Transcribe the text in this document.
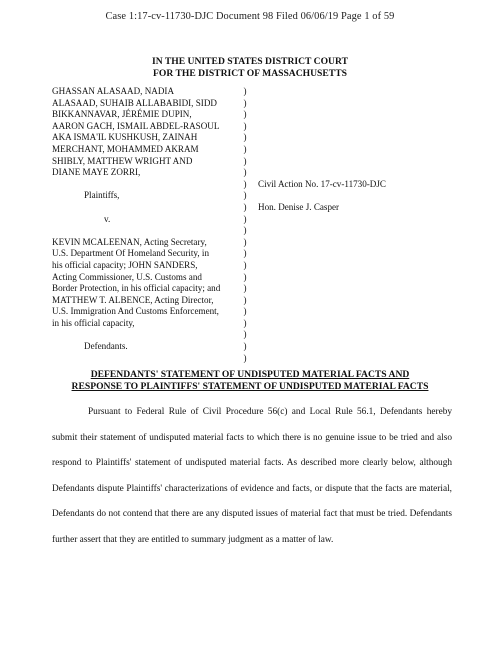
Case 1:17-cv-11730-DJC Document 98 Filed 06/06/19 Page 1 of 59
IN THE UNITED STATES DISTRICT COURT
FOR THE DISTRICT OF MASSACHUSETTS
GHASSAN ALASAAD, NADIA
ALASAAD, SUHAIB ALLABABIDI, SIDD
BIKKANNAVAR, JÉRÉMIE DUPIN,
AARON GACH, ISMAIL ABDEL-RASOUL
AKA ISMA'IL KUSHKUSH, ZAINAH
MERCHANT, MOHAMMED AKRAM
SHIBLY, MATTHEW WRIGHT AND
DIANE MAYE ZORRI,
Plaintiffs,
v.
KEVIN MCALEENAN, Acting Secretary,
U.S. Department Of Homeland Security, in
his official capacity; JOHN SANDERS,
Acting Commissioner, U.S. Customs and
Border Protection, in his official capacity; and
MATTHEW T. ALBENCE, Acting Director,
U.S. Immigration And Customs Enforcement,
in his official capacity,
Defendants.
)
)
)
)
)
)
)
)
)
)
)
)
)
)
)
)
)
)
)
)
)
)
)
)
Civil Action No. 17-cv-11730-DJC
Hon. Denise J. Casper
DEFENDANTS' STATEMENT OF UNDISPUTED MATERIAL FACTS AND
RESPONSE TO PLAINTIFFS' STATEMENT OF UNDISPUTED MATERIAL FACTS

Pursuant to Federal Rule of Civil Procedure 56(c) and Local Rule 56.1, Defendants hereby submit their statement of undisputed material facts to which there is no genuine issue to be tried and also respond to Plaintiffs' statement of undisputed material facts. As described more clearly below, although Defendants dispute Plaintiffs' characterizations of evidence and facts, or dispute that the facts are material, Defendants do not contend that there are any disputed issues of material fact that must be tried. Defendants further assert that they are entitled to summary judgment as a matter of law.
